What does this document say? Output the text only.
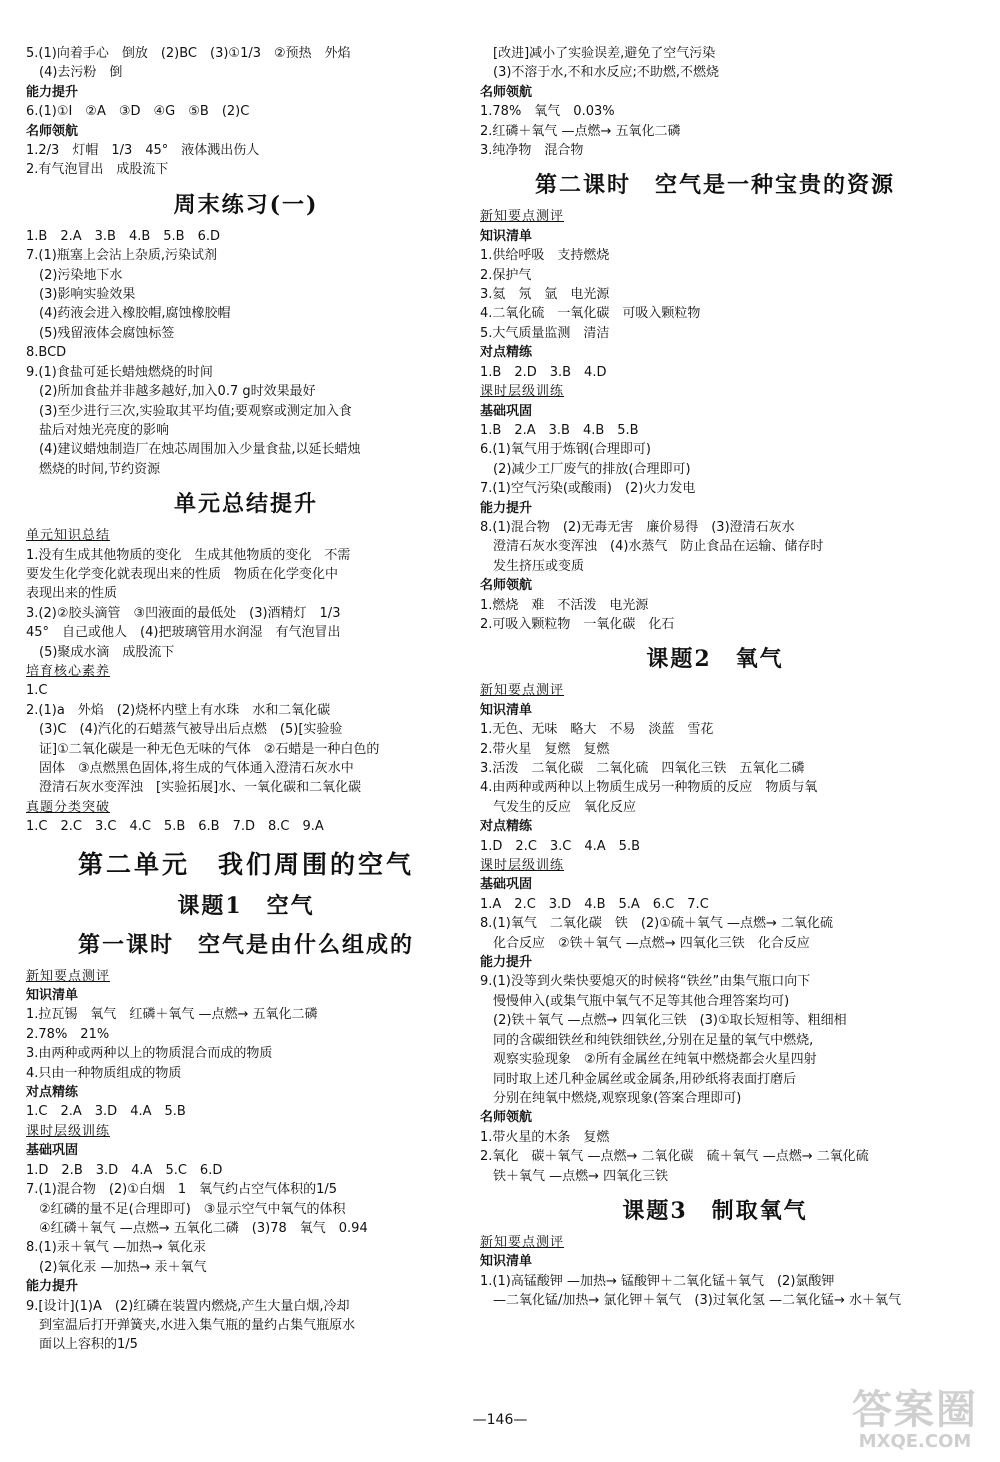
5.(1)向着手心　倒放　(2)BC　(3)①1/3　②预热　外焰
　(4)去污粉　倒
能力提升
6.(1)①I　②A　③D　④G　⑤B　(2)C
名师领航
1.2/3　灯帽　1/3　45°　液体溅出伤人
2.有气泡冒出　成股流下
周末练习(一)
1.B　2.A　3.B　4.B　5.B　6.D
7.(1)瓶塞上会沾上杂质,污染试剂
　(2)污染地下水
　(3)影响实验效果
　(4)药液会进入橡胶帽,腐蚀橡胶帽
　(5)残留液体会腐蚀标签
8.BCD
9.(1)食盐可延长蜡烛燃烧的时间
　(2)所加食盐并非越多越好,加入0.7 g时效果最好
　(3)至少进行三次,实验取其平均值;要观察或测定加入食
　盐后对烛光亮度的影响
　(4)建议蜡烛制造厂在烛芯周围加入少量食盐,以延长蜡烛
　燃烧的时间,节约资源
单元总结提升
单元知识总结
1.没有生成其他物质的变化　生成其他物质的变化　不需
要发生化学变化就表现出来的性质　物质在化学变化中
表现出来的性质
3.(2)②胶头滴管　③凹液面的最低处　(3)酒精灯　1/3
45°　自己或他人　(4)把玻璃管用水润湿　有气泡冒出
　(5)聚成水滴　成股流下
培育核心素养
1.C
2.(1)a　外焰　(2)烧杯内壁上有水珠　水和二氧化碳
　(3)C　(4)汽化的石蜡蒸气被导出后点燃　(5)[实验验
　证]①二氧化碳是一种无色无味的气体　②石蜡是一种白色的
　固体　③点燃黑色固体,将生成的气体通入澄清石灰水中
　澄清石灰水变浑浊　[实验拓展]水、一氧化碳和二氧化碳
真题分类突破
1.C　2.C　3.C　4.C　5.B　6.B　7.D　8.C　9.A
第二单元　我们周围的空气
课题1　空气
第一课时　空气是由什么组成的
新知要点测评
知识清单
1.拉瓦锡　氧气　红磷＋氧气 —点燃→ 五氧化二磷
2.78%　21%
3.由两种或两种以上的物质混合而成的物质
4.只由一种物质组成的物质
对点精练
1.C　2.A　3.D　4.A　5.B
课时层级训练
基础巩固
1.D　2.B　3.D　4.A　5.C　6.D
7.(1)混合物　(2)①白烟　1　氧气约占空气体积的1/5
　②红磷的量不足(合理即可)　③显示空气中氧气的体积
　④红磷＋氧气 —点燃→ 五氧化二磷　(3)78　氧气　0.94
8.(1)汞＋氧气 —加热→ 氧化汞
　(2)氧化汞 —加热→ 汞＋氧气
能力提升
9.[设计](1)A　(2)红磷在装置内燃烧,产生大量白烟,冷却
　到室温后打开弹簧夹,水进入集气瓶的量约占集气瓶原水
　面以上容积的1/5
　[改进]减小了实验误差,避免了空气污染
　(3)不溶于水,不和水反应;不助燃,不燃烧
名师领航
1.78%　氧气　0.03%
2.红磷＋氧气 —点燃→ 五氧化二磷
3.纯净物　混合物
第二课时　空气是一种宝贵的资源
新知要点测评
知识清单
1.供给呼吸　支持燃烧
2.保护气
3.氦　氖　氩　电光源
4.二氧化硫　一氧化碳　可吸入颗粒物
5.大气质量监测　清洁
对点精练
1.B　2.D　3.B　4.D
课时层级训练
基础巩固
1.B　2.A　3.B　4.B　5.B
6.(1)氧气用于炼钢(合理即可)
　(2)减少工厂废气的排放(合理即可)
7.(1)空气污染(或酸雨)　(2)火力发电
能力提升
8.(1)混合物　(2)无毒无害　廉价易得　(3)澄清石灰水
　澄清石灰水变浑浊　(4)水蒸气　防止食品在运输、储存时
　发生挤压或变质
名师领航
1.燃烧　难　不活泼　电光源
2.可吸入颗粒物　一氧化碳　化石
课题2　氧气
新知要点测评
知识清单
1.无色、无味　略大　不易　淡蓝　雪花
2.带火星　复燃　复燃
3.活泼　二氧化碳　二氧化硫　四氧化三铁　五氧化二磷
4.由两种或两种以上物质生成另一种物质的反应　物质与氧
　气发生的反应　氧化反应
对点精练
1.D　2.C　3.C　4.A　5.B
课时层级训练
基础巩固
1.A　2.C　3.D　4.B　5.A　6.C　7.C
8.(1)氧气　二氧化碳　铁　(2)①硫＋氧气 —点燃→ 二氧化硫
　化合反应　②铁＋氧气 —点燃→ 四氧化三铁　化合反应
能力提升
9.(1)没等到火柴快要熄灭的时候将“铁丝”由集气瓶口向下
　慢慢伸入(或集气瓶中氧气不足等其他合理答案均可)
　(2)铁＋氧气 —点燃→ 四氧化三铁　(3)①取长短相等、粗细相
　同的含碳细铁丝和纯铁细铁丝,分别在足量的氧气中燃烧,
　观察实验现象　②所有金属丝在纯氧中燃烧都会火星四射
　同时取上述几种金属丝或金属条,用砂纸将表面打磨后
　分别在纯氧中燃烧,观察现象(答案合理即可)
名师领航
1.带火星的木条　复燃
2.氧化　碳＋氧气 —点燃→ 二氧化碳　硫＋氧气 —点燃→ 二氧化硫
　铁＋氧气 —点燃→ 四氧化三铁
课题3　制取氧气
新知要点测评
知识清单
1.(1)高锰酸钾 —加热→ 锰酸钾＋二氧化锰＋氧气　(2)氯酸钾
　—二氧化锰/加热→ 氯化钾＋氧气　(3)过氧化氢 —二氧化锰→ 水＋氧气
—146—	答案圈
MXQE.COM
